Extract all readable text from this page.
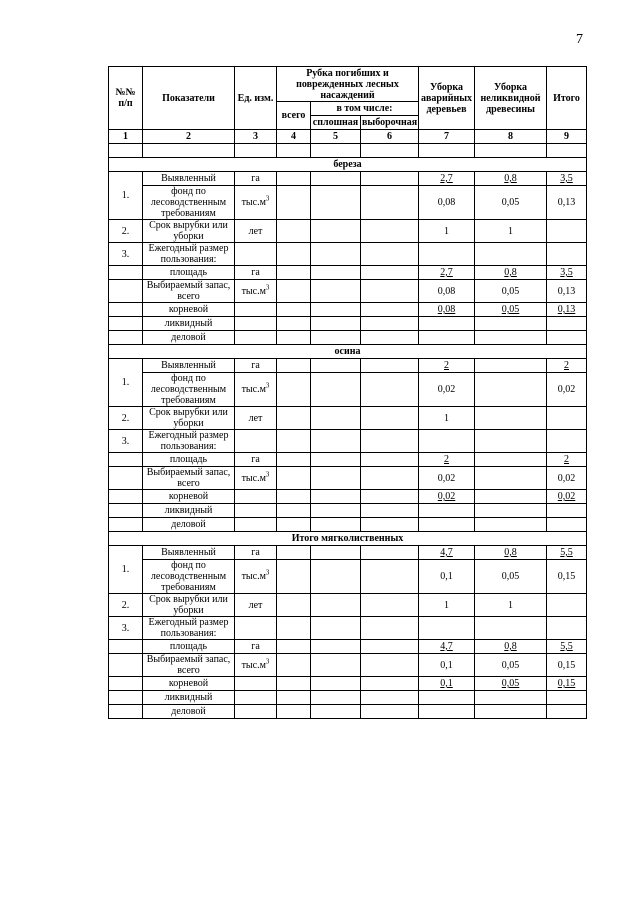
7
№№ п/п	Показатели	Ед. изм.	Рубка погибших и поврежденных лесных насаждений			Уборка аварийных деревьев	Уборка неликвидной древесины	Итого
			всего	в том числе:				
				сплошная	выборочная			
1	2	3	4	5	6	7	8	9

береза								
1.	Выявленный	га				2,7	0,8	3,5
	фонд по лесоводственным требованиям	$тыс.м^3$				0,08	0,05	0,13
2.	Срок вырубки или уборки	лет				1	1	
3.	Ежегодный размер пользования:							
	площадь	га				2,7	0,8	3,5
	Выбираемый запас, всего	$тыс.м^3$				0,08	0,05	0,13
	корневой					0,08	0,05	0,13
	ликвидный							
	деловой							
осина								
1.	Выявленный	га				2		2
	фонд по лесоводственным требованиям	$тыс.м^3$				0,02		0,02
2.	Срок вырубки или уборки	лет				1		
3.	Ежегодный размер пользования:							
	площадь	га				2		2
	Выбираемый запас, всего	$тыс.м^3$				0,02		0,02
	корневой					0,02		0,02
	ликвидный							
	деловой							
Итого мягколиственных								
1.	Выявленный	га				4,7	0,8	5,5
	фонд по лесоводственным требованиям	$тыс.м^3$				0,1	0,05	0,15
2.	Срок вырубки или уборки	лет				1	1	
3.	Ежегодный размер пользования:							
	площадь	га				4,7	0,8	5,5
	Выбираемый запас, всего	$тыс.м^3$				0,1	0,05	0,15
	корневой					0,1	0,05	0,15
	ликвидный							
	деловой							
